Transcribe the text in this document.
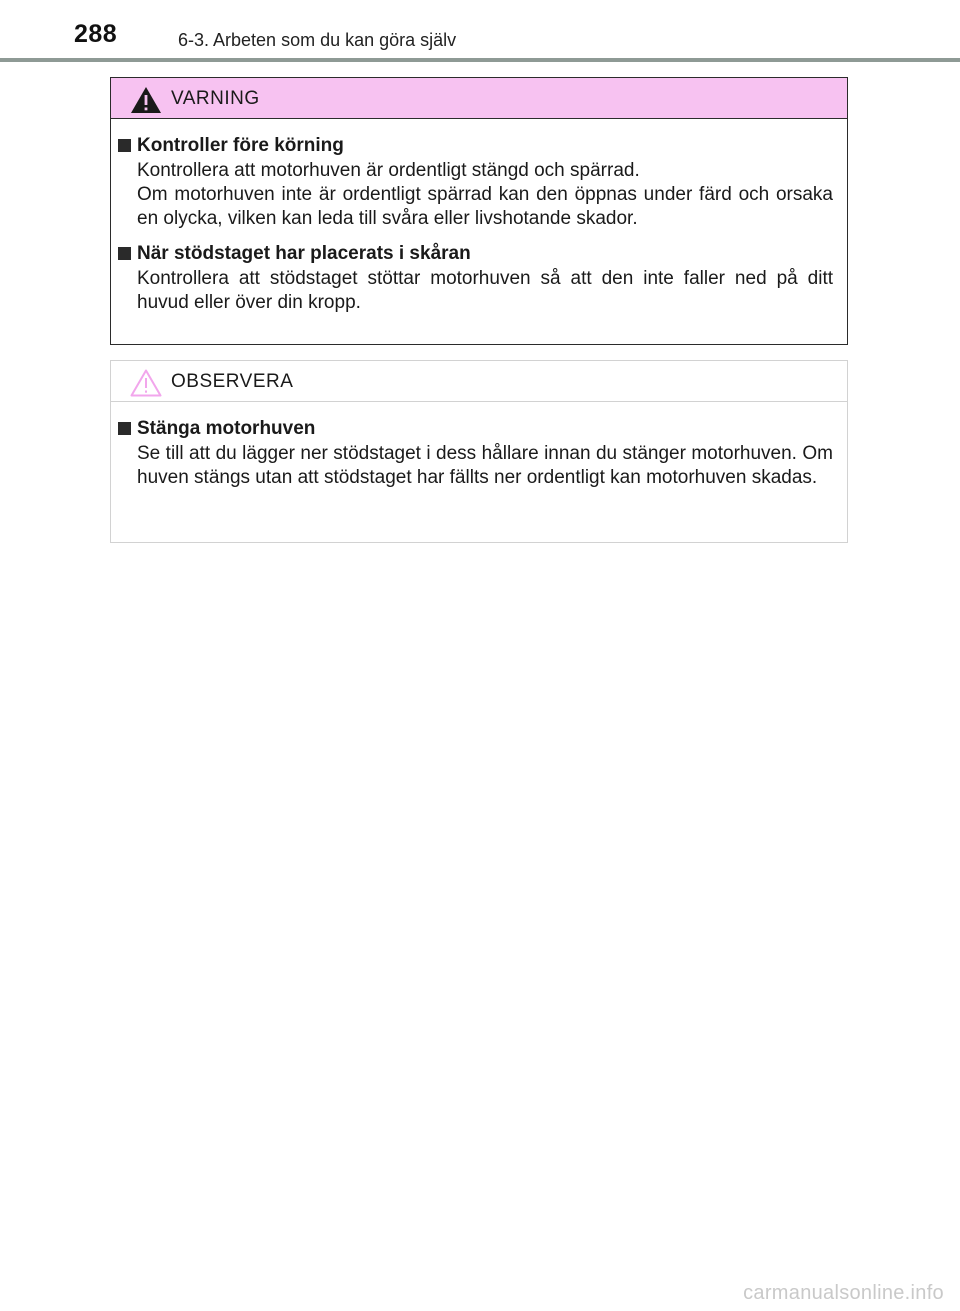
288	6-3. Arbeten som du kan göra själv
VARNING
Kontroller före körning

Kontrollera att motorhuven är ordentligt stängd och spärrad.

Om motorhuven inte är ordentligt spärrad kan den öppnas under färd och orsaka en olycka, vilken kan leda till svåra eller livshotande skador.

När stödstaget har placerats i skåran

Kontrollera att stödstaget stöttar motorhuven så att den inte faller ned på ditt huvud eller över din kropp.

OBSERVERA
Stänga motorhuven

Se till att du lägger ner stödstaget i dess hållare innan du stänger motorhuven. Om huven stängs utan att stödstaget har fällts ner ordentligt kan motorhuven skadas.

carmanualsonline.info
